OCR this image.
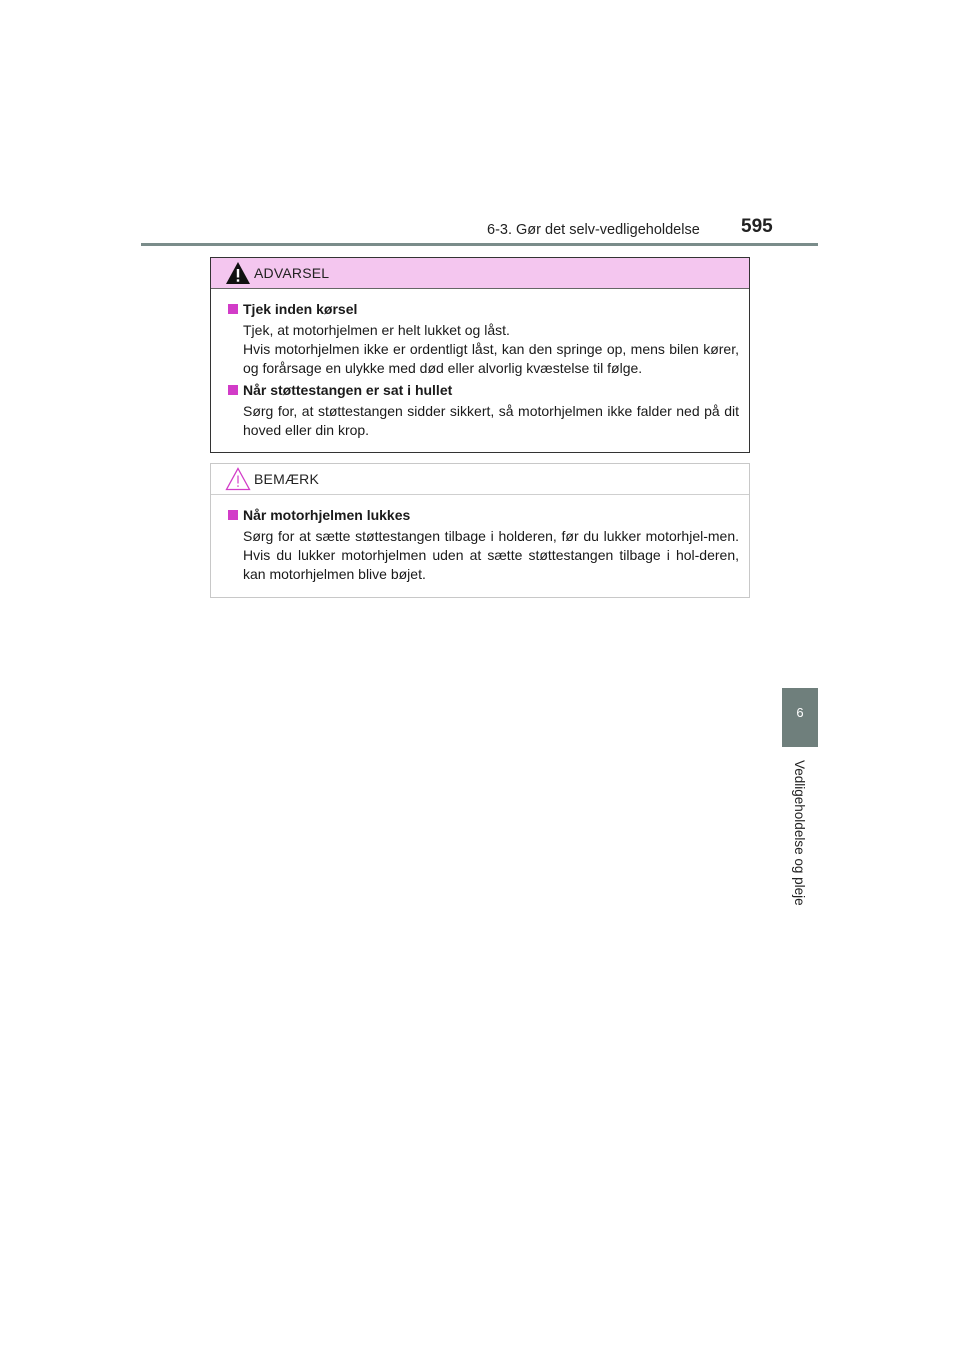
6-3. Gør det selv-vedligeholdelse 595
6
Vedligeholdelse og pleje
ADVARSEL
Tjek inden kørsel

Tjek, at motorhjelmen er helt lukket og låst.

Hvis motorhjelmen ikke er ordentligt låst, kan den springe op, mens bilen kører, og forårsage en ulykke med død eller alvorlig kvæstelse til følge.

Når støttestangen er sat i hullet

Sørg for, at støttestangen sidder sikkert, så motorhjelmen ikke falder ned på dit hoved eller din krop.

BEMÆRK
Når motorhjelmen lukkes

Sørg for at sætte støttestangen tilbage i holderen, før du lukker motorhjel-men. Hvis du lukker motorhjelmen uden at sætte støttestangen tilbage i hol-deren, kan motorhjelmen blive bøjet.
